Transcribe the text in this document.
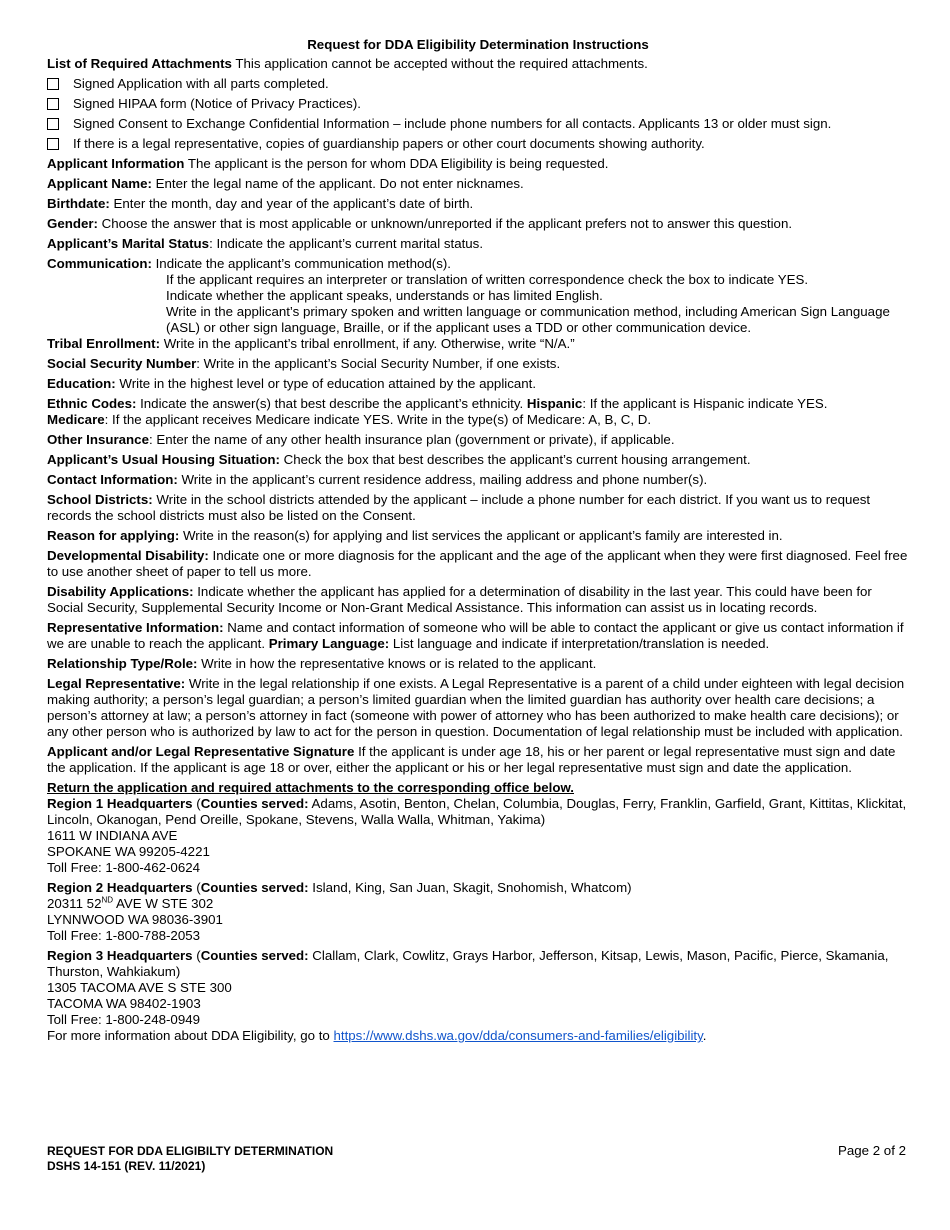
Request for DDA Eligibility Determination Instructions

List of Required Attachments This application cannot be accepted without the required attachments.

Signed Application with all parts completed.
Signed HIPAA form (Notice of Privacy Practices).
Signed Consent to Exchange Confidential Information – include phone numbers for all contacts. Applicants 13 or older must sign.
If there is a legal representative, copies of guardianship papers or other court documents showing authority.

Applicant Information The applicant is the person for whom DDA Eligibility is being requested.

Applicant Name: Enter the legal name of the applicant. Do not enter nicknames.

Birthdate: Enter the month, day and year of the applicant’s date of birth.

Gender: Choose the answer that is most applicable or unknown/unreported if the applicant prefers not to answer this question.

Applicant’s Marital Status: Indicate the applicant’s current marital status.

Communication: Indicate the applicant’s communication method(s).

If the applicant requires an interpreter or translation of written correspondence check the box to indicate YES.

Indicate whether the applicant speaks, understands or has limited English.

Write in the applicant’s primary spoken and written language or communication method, including American Sign Language (ASL) or other sign language, Braille, or if the applicant uses a TDD or other communication device.

Tribal Enrollment: Write in the applicant’s tribal enrollment, if any. Otherwise, write “N/A.”

Social Security Number: Write in the applicant’s Social Security Number, if one exists.

Education: Write in the highest level or type of education attained by the applicant.

Ethnic Codes: Indicate the answer(s) that best describe the applicant’s ethnicity. Hispanic: If the applicant is Hispanic indicate YES.

Medicare: If the applicant receives Medicare indicate YES. Write in the type(s) of Medicare: A, B, C, D.

Other Insurance: Enter the name of any other health insurance plan (government or private), if applicable.

Applicant’s Usual Housing Situation: Check the box that best describes the applicant’s current housing arrangement.

Contact Information: Write in the applicant’s current residence address, mailing address and phone number(s).

School Districts: Write in the school districts attended by the applicant – include a phone number for each district. If you want us to request records the school districts must also be listed on the Consent.

Reason for applying: Write in the reason(s) for applying and list services the applicant or applicant’s family are interested in.

Developmental Disability: Indicate one or more diagnosis for the applicant and the age of the applicant when they were first diagnosed. Feel free to use another sheet of paper to tell us more.

Disability Applications: Indicate whether the applicant has applied for a determination of disability in the last year. This could have been for Social Security, Supplemental Security Income or Non-Grant Medical Assistance. This information can assist us in locating records.

Representative Information: Name and contact information of someone who will be able to contact the applicant or give us contact information if we are unable to reach the applicant. Primary Language: List language and indicate if interpretation/translation is needed.

Relationship Type/Role: Write in how the representative knows or is related to the applicant.

Legal Representative: Write in the legal relationship if one exists. A Legal Representative is a parent of a child under eighteen with legal decision making authority; a person’s legal guardian; a person’s limited guardian when the limited guardian has authority over health care decisions; a person’s attorney at law; a person’s attorney in fact (someone with power of attorney who has been authorized to make health care decisions); or any other person who is authorized by law to act for the person in question. Documentation of legal relationship must be included with application.

Applicant and/or Legal Representative Signature If the applicant is under age 18, his or her parent or legal representative must sign and date the application. If the applicant is age 18 or over, either the applicant or his or her legal representative must sign and date the application.

Return the application and required attachments to the corresponding office below.

Region 1 Headquarters (Counties served: Adams, Asotin, Benton, Chelan, Columbia, Douglas, Ferry, Franklin, Garfield, Grant, Kittitas, Klickitat, Lincoln, Okanogan, Pend Oreille, Spokane, Stevens, Walla Walla, Whitman, Yakima)

1611 W INDIANA AVE

SPOKANE WA 99205-4221

Toll Free: 1-800-462-0624

Region 2 Headquarters (Counties served: Island, King, San Juan, Skagit, Snohomish, Whatcom)

20311 52ND AVE W STE 302

LYNNWOOD WA 98036-3901

Toll Free: 1-800-788-2053

Region 3 Headquarters (Counties served: Clallam, Clark, Cowlitz, Grays Harbor, Jefferson, Kitsap, Lewis, Mason, Pacific, Pierce, Skamania, Thurston, Wahkiakum)

1305 TACOMA AVE S STE 300

TACOMA WA 98402-1903

Toll Free: 1-800-248-0949

For more information about DDA Eligibility, go to https://www.dshs.wa.gov/dda/consumers-and-families/eligibility.

REQUEST FOR DDA ELIGIBILTY DETERMINATION
DSHS 14-151 (REV. 11/2021)
Page 2 of 2
